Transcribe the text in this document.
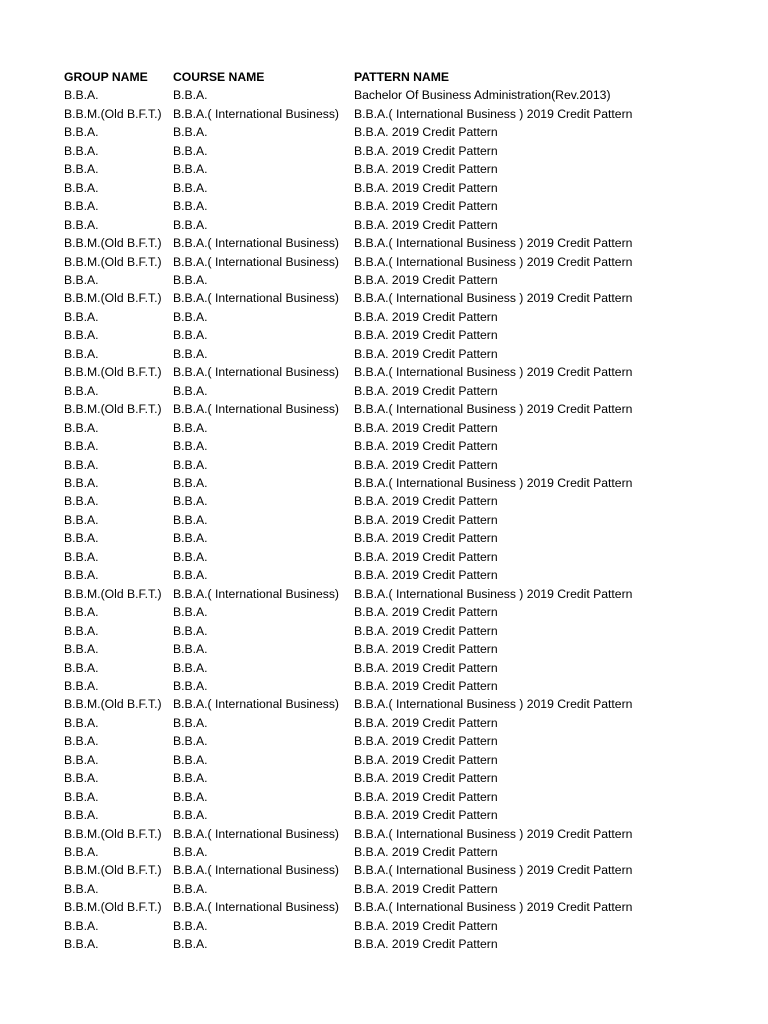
GROUP NAME	COURSE NAME	PATTERN NAME
B.B.A.	B.B.A.	Bachelor Of Business Administration(Rev.2013)
B.B.M.(Old B.F.T.)	B.B.A.( International Business)	B.B.A.( International Business ) 2019 Credit Pattern
B.B.A.	B.B.A.	B.B.A. 2019 Credit Pattern
B.B.A.	B.B.A.	B.B.A. 2019 Credit Pattern
B.B.A.	B.B.A.	B.B.A. 2019 Credit Pattern
B.B.A.	B.B.A.	B.B.A. 2019 Credit Pattern
B.B.A.	B.B.A.	B.B.A. 2019 Credit Pattern
B.B.A.	B.B.A.	B.B.A. 2019 Credit Pattern
B.B.M.(Old B.F.T.)	B.B.A.( International Business)	B.B.A.( International Business ) 2019 Credit Pattern
B.B.M.(Old B.F.T.)	B.B.A.( International Business)	B.B.A.( International Business ) 2019 Credit Pattern
B.B.A.	B.B.A.	B.B.A. 2019 Credit Pattern
B.B.M.(Old B.F.T.)	B.B.A.( International Business)	B.B.A.( International Business ) 2019 Credit Pattern
B.B.A.	B.B.A.	B.B.A. 2019 Credit Pattern
B.B.A.	B.B.A.	B.B.A. 2019 Credit Pattern
B.B.A.	B.B.A.	B.B.A. 2019 Credit Pattern
B.B.M.(Old B.F.T.)	B.B.A.( International Business)	B.B.A.( International Business ) 2019 Credit Pattern
B.B.A.	B.B.A.	B.B.A. 2019 Credit Pattern
B.B.M.(Old B.F.T.)	B.B.A.( International Business)	B.B.A.( International Business ) 2019 Credit Pattern
B.B.A.	B.B.A.	B.B.A. 2019 Credit Pattern
B.B.A.	B.B.A.	B.B.A. 2019 Credit Pattern
B.B.A.	B.B.A.	B.B.A. 2019 Credit Pattern
B.B.A.	B.B.A.	B.B.A.( International Business ) 2019 Credit Pattern
B.B.A.	B.B.A.	B.B.A. 2019 Credit Pattern
B.B.A.	B.B.A.	B.B.A. 2019 Credit Pattern
B.B.A.	B.B.A.	B.B.A. 2019 Credit Pattern
B.B.A.	B.B.A.	B.B.A. 2019 Credit Pattern
B.B.A.	B.B.A.	B.B.A. 2019 Credit Pattern
B.B.M.(Old B.F.T.)	B.B.A.( International Business)	B.B.A.( International Business ) 2019 Credit Pattern
B.B.A.	B.B.A.	B.B.A. 2019 Credit Pattern
B.B.A.	B.B.A.	B.B.A. 2019 Credit Pattern
B.B.A.	B.B.A.	B.B.A. 2019 Credit Pattern
B.B.A.	B.B.A.	B.B.A. 2019 Credit Pattern
B.B.A.	B.B.A.	B.B.A. 2019 Credit Pattern
B.B.M.(Old B.F.T.)	B.B.A.( International Business)	B.B.A.( International Business ) 2019 Credit Pattern
B.B.A.	B.B.A.	B.B.A. 2019 Credit Pattern
B.B.A.	B.B.A.	B.B.A. 2019 Credit Pattern
B.B.A.	B.B.A.	B.B.A. 2019 Credit Pattern
B.B.A.	B.B.A.	B.B.A. 2019 Credit Pattern
B.B.A.	B.B.A.	B.B.A. 2019 Credit Pattern
B.B.A.	B.B.A.	B.B.A. 2019 Credit Pattern
B.B.M.(Old B.F.T.)	B.B.A.( International Business)	B.B.A.( International Business ) 2019 Credit Pattern
B.B.A.	B.B.A.	B.B.A. 2019 Credit Pattern
B.B.M.(Old B.F.T.)	B.B.A.( International Business)	B.B.A.( International Business ) 2019 Credit Pattern
B.B.A.	B.B.A.	B.B.A. 2019 Credit Pattern
B.B.M.(Old B.F.T.)	B.B.A.( International Business)	B.B.A.( International Business ) 2019 Credit Pattern
B.B.A.	B.B.A.	B.B.A. 2019 Credit Pattern
B.B.A.	B.B.A.	B.B.A. 2019 Credit Pattern
